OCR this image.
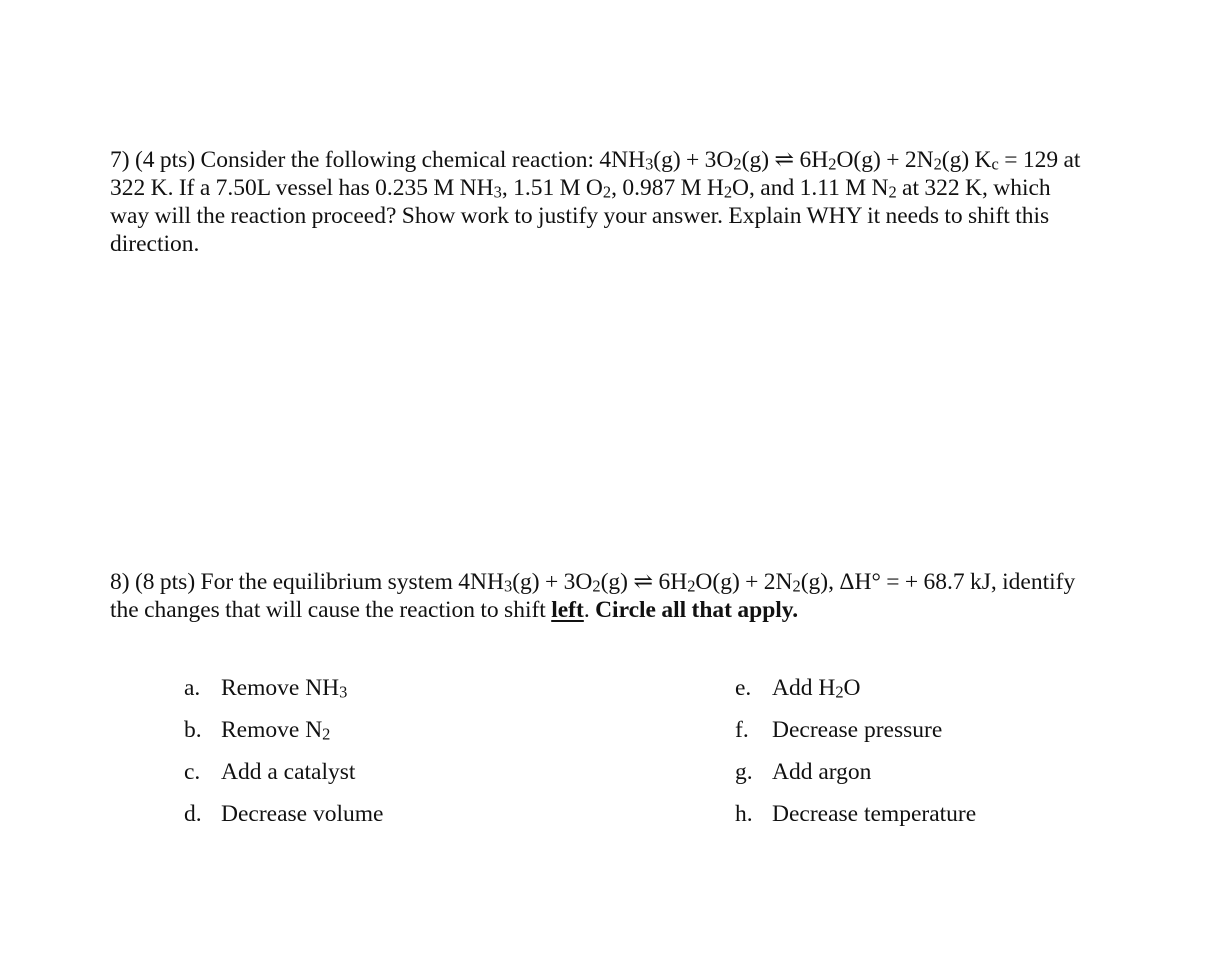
7) (4 pts) Consider the following chemical reaction: $4NH_3(g) + 3O_2(g)$ ⇌ $6H_2O(g) + 2N_2(g) K_c = 129$ at
322 K. If a 7.50L vessel has 0.235 M $NH_3$, 1.51 M $O_2$, 0.987 M $H_2O$, and 1.11 M $N_2$ at 322 K, which
way will the reaction proceed? Show work to justify your answer. Explain WHY it needs to shift this
direction.
8) (8 pts) For the equilibrium system $4NH_3(g) + 3O_2(g)$ ⇌ $6H_2O(g) + 2N_2(g)$, ΔH° = + 68.7 kJ, identify
the changes that will cause the reaction to shift left. Circle all that apply.
a. Remove $NH_3$
b. Remove $N_2$
c. Add a catalyst
d. Decrease volume
e. Add $H_2O$
f. Decrease pressure
g. Add argon
h. Decrease temperature
